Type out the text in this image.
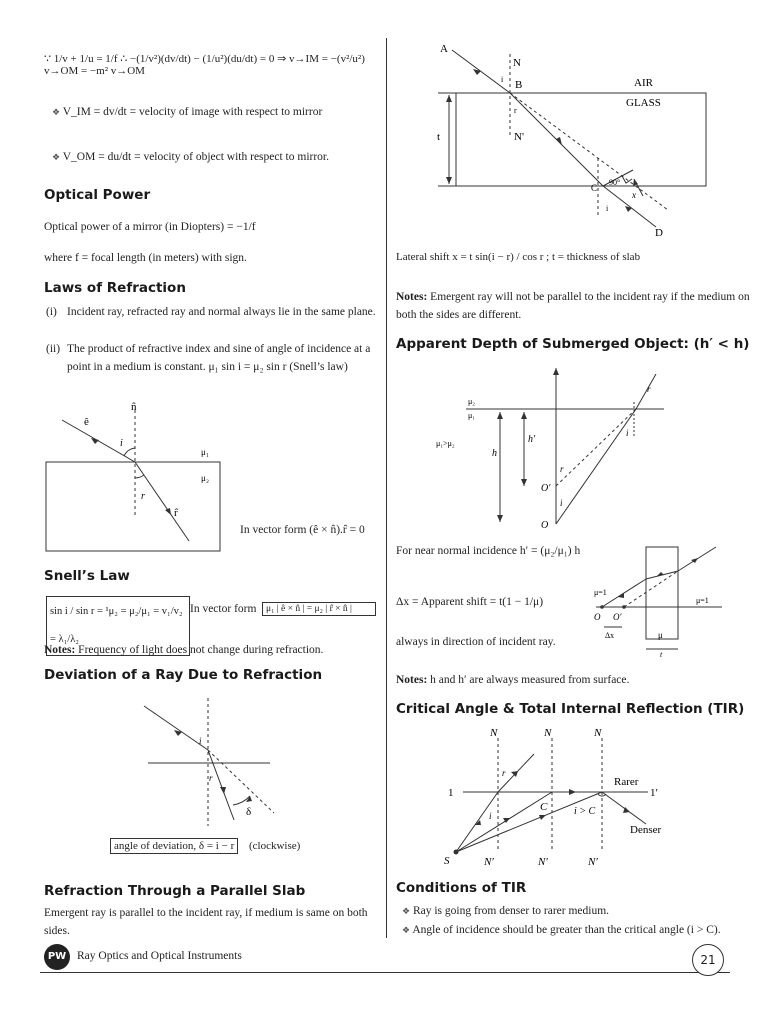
∵ 1/v + 1/u = 1/f ∴ −(1/v²)(dv/dt) − (1/u²)(du/dt) = 0 ⇒ v→IM = −(v²/u²) v→OM = −m² v→OM
❖ V_IM = dv/dt = velocity of image with respect to mirror
❖ V_OM = du/dt = velocity of object with respect to mirror.
Optical Power
Optical power of a mirror (in Diopters) = −1/f
where f = focal length (in meters) with sign.
Laws of Refraction
(i) Incident ray, refracted ray and normal always lie in the same plane.
(ii) The product of refractive index and sine of angle of incidence at a point in a medium is constant. μ₁ sin i = μ₂ sin r (Snell’s law)
ê
n̂
r̂
i
r
μ₁
μ₂
In vector form (ê × n̂).r̂ = 0
Snell’s Law
sin i / sin r = ¹μ₂ = μ₂/μ₁ = v₁/v₂ = λ₁/λ₂
In vector form	μ₁ | ê × n̂ | = μ₂ | r̂ × n̂ |
Notes: Frequency of light does not change during refraction.
Deviation of a Ray Due to Refraction
i
r
δ
angle of deviation, δ = i − r	(clockwise)
Refraction Through a Parallel Slab
Emergent ray is parallel to the incident ray, if medium is same on both sides.
A
N
B
i
r
N'
t
C
D
AIR
GLASS
90°
x
i
Lateral shift x = t sin(i − r) / cos r ; t = thickness of slab
Notes: Emergent ray will not be parallel to the incident ray if the medium on both the sides are different.
Apparent Depth of Submerged Object: (h′ < h)
μ₂
μ₁
μ₁>μ₂
h
h′
O
O′
i
r
r
i
For near normal incidence h′ = (μ₂/μ₁) h
Δx = Apparent shift = t(1 − 1/μ)
always in direction of incident ray.
μ=1
μ=1
O O′
Δx	μ
t
Notes: h and h′ are always measured from surface.
Critical Angle & Total Internal Reflection (TIR)
N	N	N
N′	N′	N′
1	1′
Rarer
Denser
r
i
C	i > C
S
Conditions of TIR
❖ Ray is going from denser to rarer medium.
❖ Angle of incidence should be greater than the critical angle (i > C).
PW Ray Optics and Optical Instruments	21
